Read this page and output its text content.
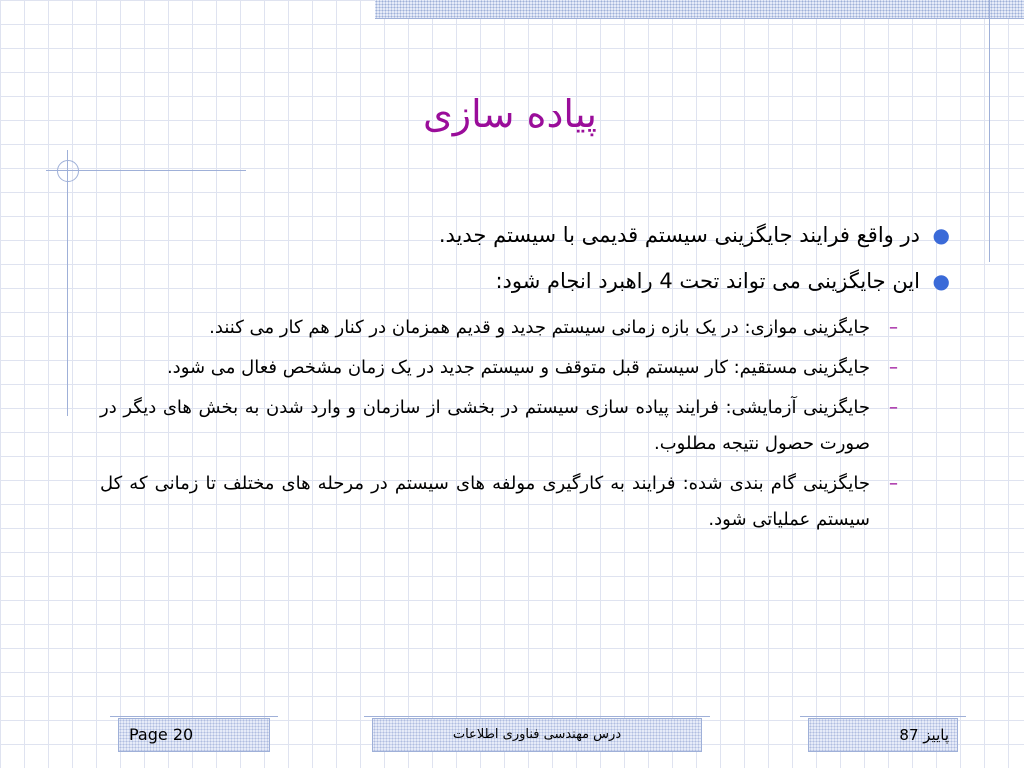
پیاده سازی
●
در واقع فرایند جایگزینی سیستم قدیمی با سیستم جدید.
●
این جایگزینی می تواند تحت 4 راهبرد انجام شود:
–
جایگزینی موازی: در یک بازه زمانی سیستم جدید و قدیم همزمان در کنار هم کار می کنند.
–
جایگزینی مستقیم: کار سیستم قبل متوقف و سیستم جدید در یک زمان مشخص فعال می شود.
–
جایگزینی آزمایشی: فرایند پیاده سازی سیستم در بخشی از سازمان و وارد شدن به بخش های دیگر در صورت حصول نتیجه مطلوب.
–
جایگزینی گام بندی شده: فرایند به کارگیری مولفه های سیستم در مرحله های مختلف تا زمانی که کل سیستم عملیاتی شود.
Page 20	درس مهندسی فناوری اطلاعات	پاییز 87
